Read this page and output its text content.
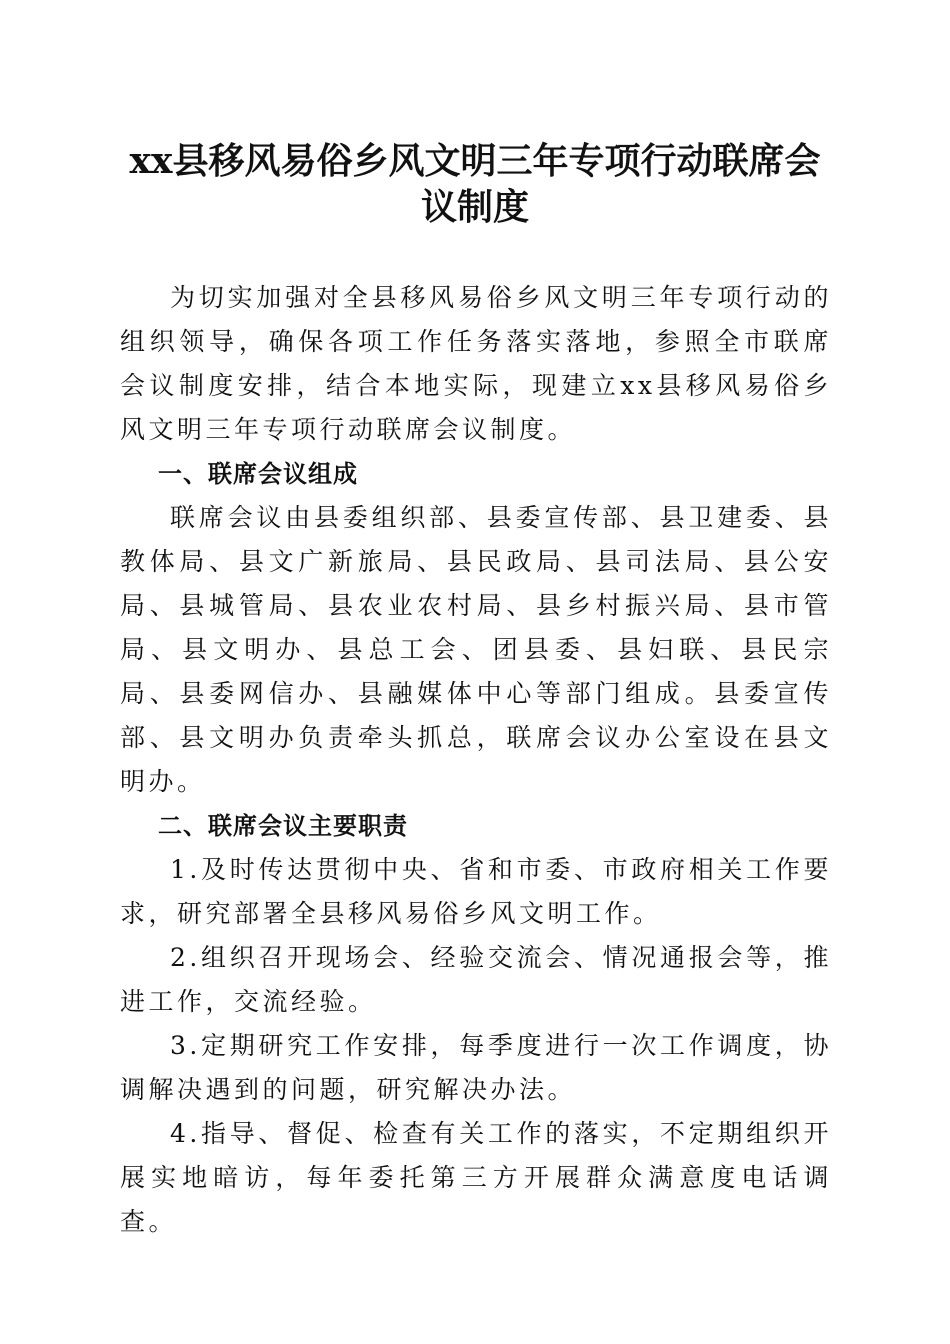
xx县移风易俗乡风文明三年专项行动联席会
议制度

为切实加强对全县移风易俗乡风文明三年专项行动的组织领导，确保各项工作任务落实落地，参照全市联席会议制度安排，结合本地实际，现建立xx县移风易俗乡风文明三年专项行动联席会议制度。

一、联席会议组成

联席会议由县委组织部、县委宣传部、县卫建委、县教体局、县文广新旅局、县民政局、县司法局、县公安局、县城管局、县农业农村局、县乡村振兴局、县市管局、县文明办、县总工会、团县委、县妇联、县民宗局、县委网信办、县融媒体中心等部门组成。县委宣传部、县文明办负责牵头抓总，联席会议办公室设在县文明办。

二、联席会议主要职责

1.及时传达贯彻中央、省和市委、市政府相关工作要求，研究部署全县移风易俗乡风文明工作。

2.组织召开现场会、经验交流会、情况通报会等，推进工作，交流经验。

3.定期研究工作安排，每季度进行一次工作调度，协调解决遇到的问题，研究解决办法。

4.指导、督促、检查有关工作的落实，不定期组织开展实地暗访，每年委托第三方开展群众满意度电话调查。
